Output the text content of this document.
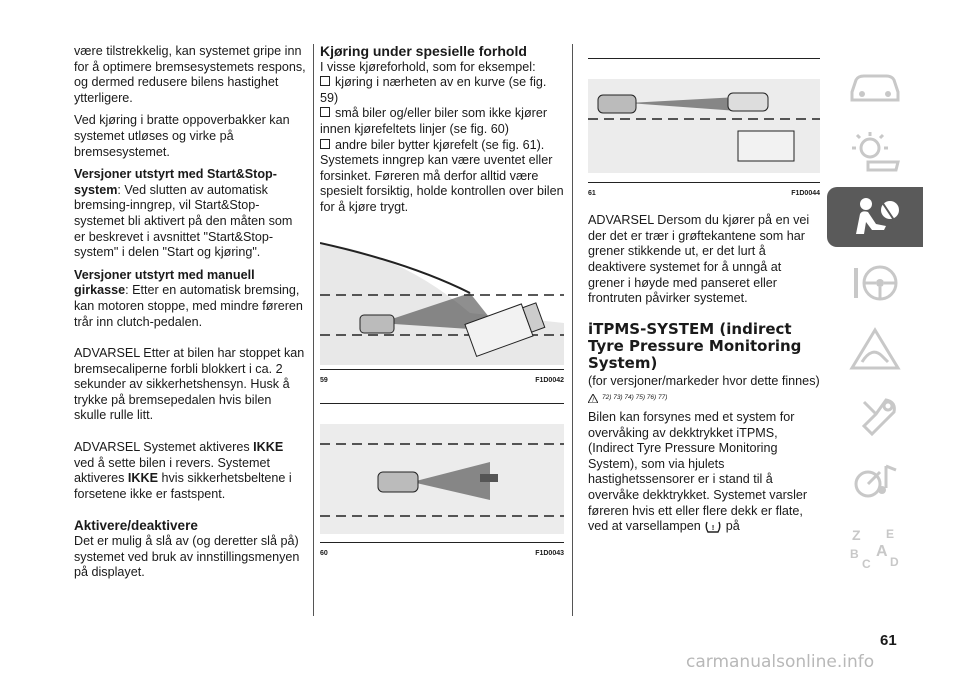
være tilstrekkelig, kan systemet gripe inn for å optimere bremsesystemets respons, og dermed redusere bilens hastighet ytterligere.

Ved kjøring i bratte oppoverbakker kan systemet utløses og virke på bremsesystemet.

Versjoner utstyrt med Start&Stop-system: Ved slutten av automatisk bremsing-inngrep, vil Start&Stop-systemet bli aktivert på den måten som er beskrevet i avsnittet "Start&Stop-system" i delen "Start og kjøring".

Versjoner utstyrt med manuell girkasse: Etter en automatisk bremsing, kan motoren stoppe, med mindre føreren trår inn clutch-pedalen.

ADVARSEL Etter at bilen har stoppet kan bremsecaliperne forbli blokkert i ca. 2 sekunder av sikkerhetshensyn. Husk å trykke på bremsepedalen hvis bilen skulle rulle litt.

ADVARSEL Systemet aktiveres IKKE ved å sette bilen i revers. Systemet aktiveres IKKE hvis sikkerhetsbeltene i forsetene ikke er fastspent.

Aktivere/deaktivere

Det er mulig å slå av (og deretter slå på) systemet ved bruk av innstillingsmenyen på displayet.

Kjøring under spesielle forhold

I visse kjøreforhold, som for eksempel:

kjøring i nærheten av en kurve (se fig. 59)
små biler og/eller biler som ikke kjører innen kjørefeltets linjer (se fig. 60)
andre biler bytter kjørefelt (se fig. 61).

Systemets inngrep kan være uventet eller forsinket. Føreren må derfor alltid være spesielt forsiktig, holde kontrollen over bilen for å kjøre trygt.

59	F1D0042
60	F1D0043
61	F1D0044

ADVARSEL Dersom du kjører på en vei der det er trær i grøftekantene som har grener stikkende ut, er det lurt å deaktivere systemet for å unngå at grener i høyde med panseret eller frontruten påvirker systemet.

iTPMS-SYSTEM (indirect Tyre Pressure Monitoring System)

(for versjoner/markeder hvor dette finnes)

! 72) 73) 74) 75) 76) 77)

Bilen kan forsynes med et system for overvåking av dekktrykket iTPMS, (Indirect Tyre Pressure Monitoring System), som via hjulets hastighetssensorer er i stand til å overvåke dekktrykket. Systemet varsler føreren hvis ett eller flere dekk er flate, ved at varsellampen ! på

Z E
B A
C D
61
carmanualsonline.info
